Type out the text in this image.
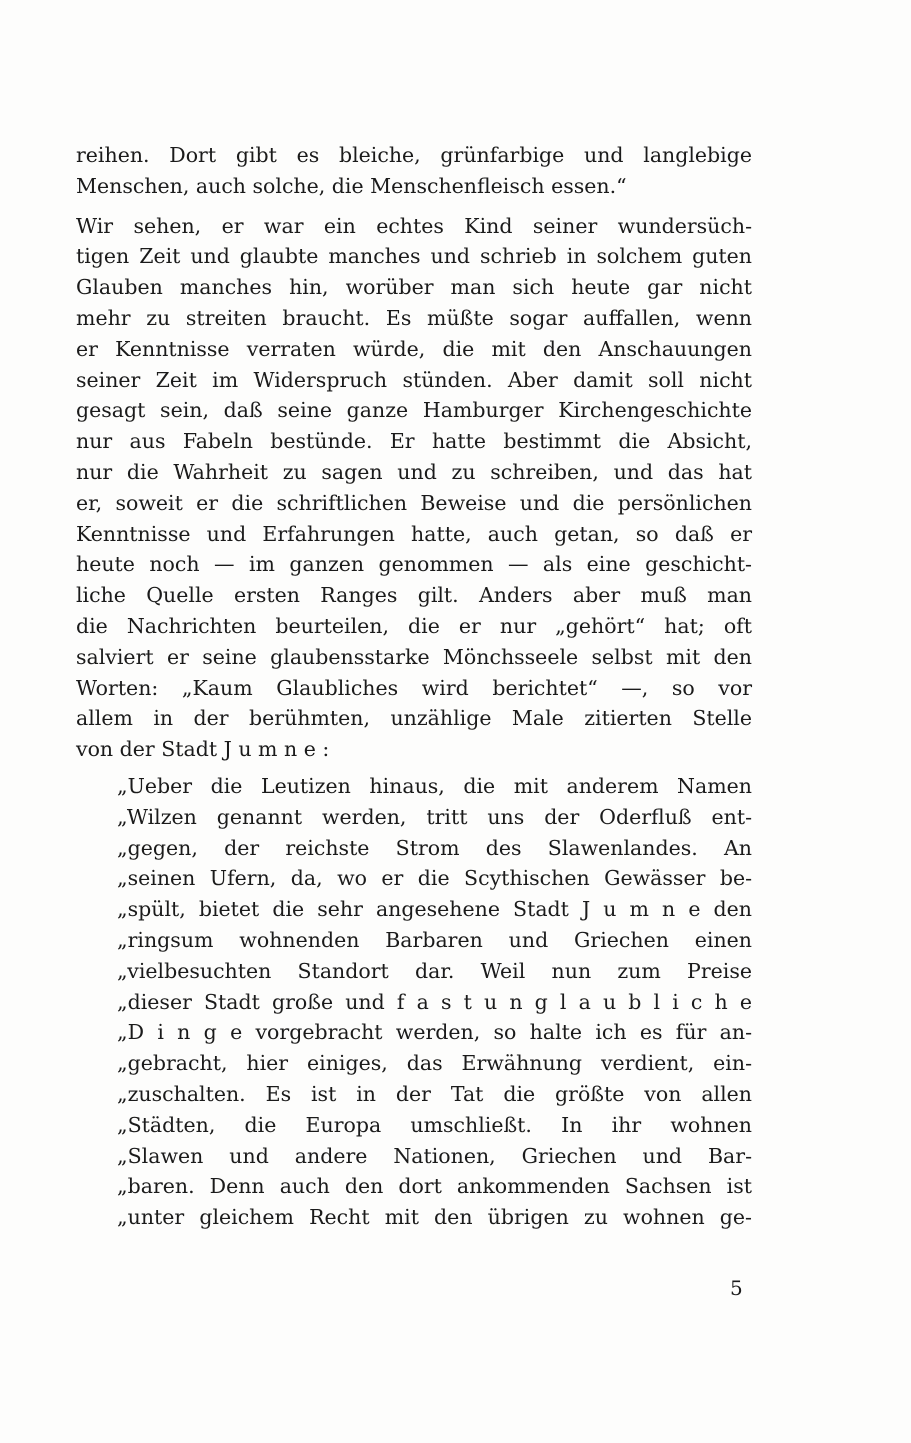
reihen. Dort gibt es bleiche, grünfarbige und langlebige
Menschen, auch solche, die Menschenfleisch essen.“
Wir sehen, er war ein echtes Kind seiner wundersüch-
tigen Zeit und glaubte manches und schrieb in solchem guten
Glauben manches hin, worüber man sich heute gar nicht
mehr zu streiten braucht. Es müßte sogar auffallen, wenn
er Kenntnisse verraten würde, die mit den Anschauungen
seiner Zeit im Widerspruch stünden. Aber damit soll nicht
gesagt sein, daß seine ganze Hamburger Kirchengeschichte
nur aus Fabeln bestünde. Er hatte bestimmt die Absicht,
nur die Wahrheit zu sagen und zu schreiben, und das hat
er, soweit er die schriftlichen Beweise und die persönlichen
Kenntnisse und Erfahrungen hatte, auch getan, so daß er
heute noch — im ganzen genommen — als eine geschicht-
liche Quelle ersten Ranges gilt. Anders aber muß man
die Nachrichten beurteilen, die er nur „gehört“ hat; oft
salviert er seine glaubensstarke Mönchsseele selbst mit den
Worten: „Kaum Glaubliches wird berichtet“ —, so vor
allem in der berühmten, unzählige Male zitierten Stelle
von der Stadt J u m n e :
„Ueber die Leutizen hinaus, die mit anderem Namen
„Wilzen genannt werden, tritt uns der Oderfluß ent-
„gegen, der reichste Strom des Slawenlandes. An
„seinen Ufern, da, wo er die Scythischen Gewässer be-
„spült, bietet die sehr angesehene Stadt J u m n e den
„ringsum wohnenden Barbaren und Griechen einen
„vielbesuchten Standort dar. Weil nun zum Preise
„dieser Stadt große und f a s t u n g l a u b l i c h e
„D i n g e vorgebracht werden, so halte ich es für an-
„gebracht, hier einiges, das Erwähnung verdient, ein-
„zuschalten. Es ist in der Tat die größte von allen
„Städten, die Europa umschließt. In ihr wohnen
„Slawen und andere Nationen, Griechen und Bar-
„baren. Denn auch den dort ankommenden Sachsen ist
„unter gleichem Recht mit den übrigen zu wohnen ge-
5
